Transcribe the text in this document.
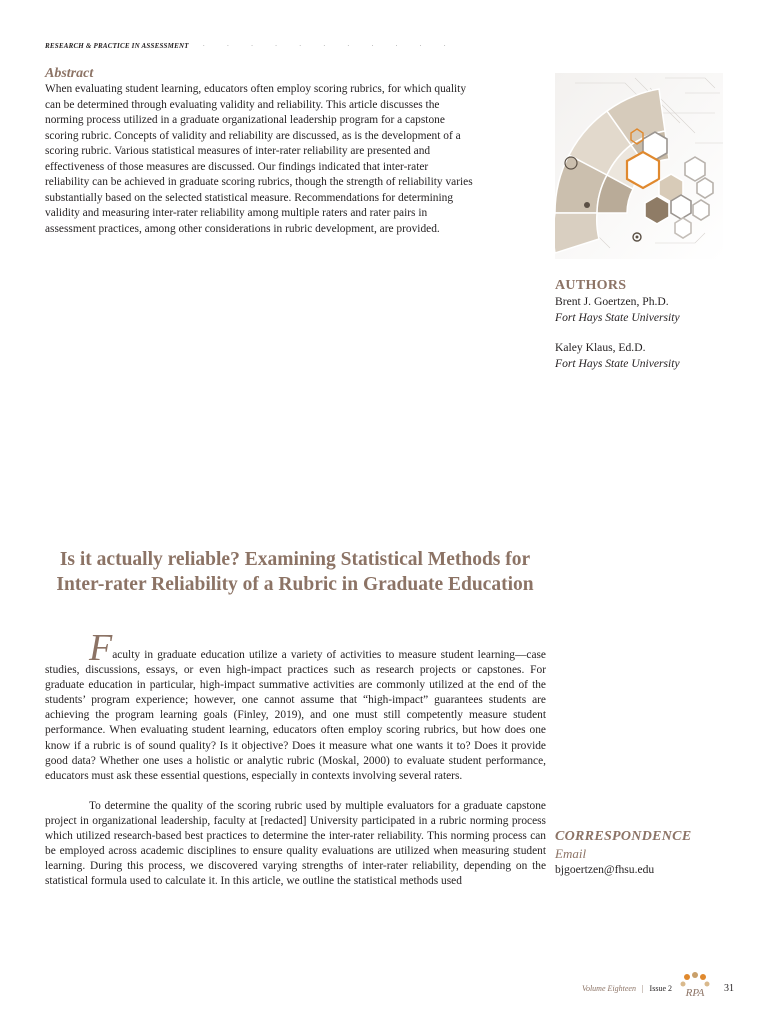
RESEARCH & PRACTICE IN ASSESSMENT · · · · · · · · · · ·
Abstract

When evaluating student learning, educators often employ scoring rubrics, for which quality can be determined through evaluating validity and reliability. This article discusses the norming process utilized in a graduate organizational leadership program for a capstone scoring rubric. Concepts of validity and reliability are discussed, as is the development of a scoring rubric. Various statistical measures of inter-rater reliability are presented and effectiveness of those measures are discussed. Our findings indicated that inter-rater reliability can be achieved in graduate scoring rubrics, though the strength of reliability varies substantially based on the selected statistical measure. Recommendations for determining validity and measuring inter-rater reliability among multiple raters and rater pairs in assessment practices, among other considerations in rubric development, are provided.

AUTHORS
Brent J. Goertzen, Ph.D.
Fort Hays State University
Kaley Klaus, Ed.D.
Fort Hays State University
Is it actually reliable? Examining Statistical Methods for Inter-rater Reliability of a Rubric in Graduate Education

Faculty in graduate education utilize a variety of activities to measure student learning—case studies, discussions, essays, or even high-impact practices such as research projects or capstones. For graduate education in particular, high-impact summative activities are commonly utilized at the end of the students’ program experience; however, one cannot assume that “high-impact” guarantees students are achieving the program learning goals (Finley, 2019), and one must still competently measure student performance. When evaluating student learning, educators often employ scoring rubrics, but how does one know if a rubric is of sound quality? Is it objective? Does it measure what one wants it to? Does it provide good data? Whether one uses a holistic or analytic rubric (Moskal, 2000) to evaluate student performance, educators must ask these essential questions, especially in contexts involving several raters.

To determine the quality of the scoring rubric used by multiple evaluators for a graduate capstone project in organizational leadership, faculty at [redacted] University participated in a rubric norming process which utilized research-based best practices to determine the inter-rater reliability. This norming process can be employed across academic disciplines to ensure quality evaluations are utilized when measuring student learning. During this process, we discovered varying strengths of inter-rater reliability, depending on the statistical formula used to calculate it. In this article, we outline the statistical methods used

CORRESPONDENCE
Email
bjgoertzen@fhsu.edu
Volume Eighteen | Issue 2 RPA 31
